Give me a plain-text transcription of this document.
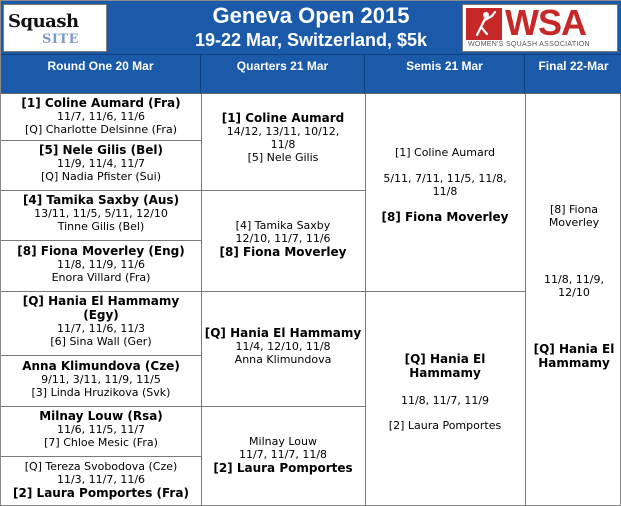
Squash
SITE
Geneva Open 2015
19-22 Mar, Switzerland, $5k	WSA
WOMEN'S SQUASH ASSOCIATION
Round One 20 Mar	Quarters 21 Mar	Semis 21 Mar	Final 22-Mar
[1] Coline Aumard (Fra)
11/7, 11/6, 11/6
[Q] Charlotte Delsinne (Fra)
[5] Nele Gilis (Bel)
11/9, 11/4, 11/7
[Q] Nadia Pfister (Sui)
[4] Tamika Saxby (Aus)
13/11, 11/5, 5/11, 12/10
Tinne Gilis (Bel)
[8] Fiona Moverley (Eng)
11/8, 11/9, 11/6
Enora Villard (Fra)
[Q] Hania El Hammamy (Egy)
11/7, 11/6, 11/3
[6] Sina Wall (Ger)
Anna Klimundova (Cze)
9/11, 3/11, 11/9, 11/5
[3] Linda Hruzikova (Svk)
Milnay Louw (Rsa)
11/6, 11/5, 11/7
[7] Chloe Mesic (Fra)
[Q] Tereza Svobodova (Cze)
11/3, 11/7, 11/6
[2] Laura Pomportes (Fra)
[1] Coline Aumard
14/12, 13/11, 10/12, 11/8
[5] Nele Gilis
[4] Tamika Saxby
12/10, 11/7, 11/6
[8] Fiona Moverley
[Q] Hania El Hammamy
11/4, 12/10, 11/8
Anna Klimundova
Milnay Louw
11/7, 11/7, 11/8
[2] Laura Pomportes
[1] Coline Aumard
5/11, 7/11, 11/5, 11/8, 11/8
[8] Fiona Moverley
[Q] Hania El Hammamy
11/8, 11/7, 11/9
[2] Laura Pomportes
[8] Fiona Moverley
11/8, 11/9, 12/10
[Q] Hania El Hammamy
